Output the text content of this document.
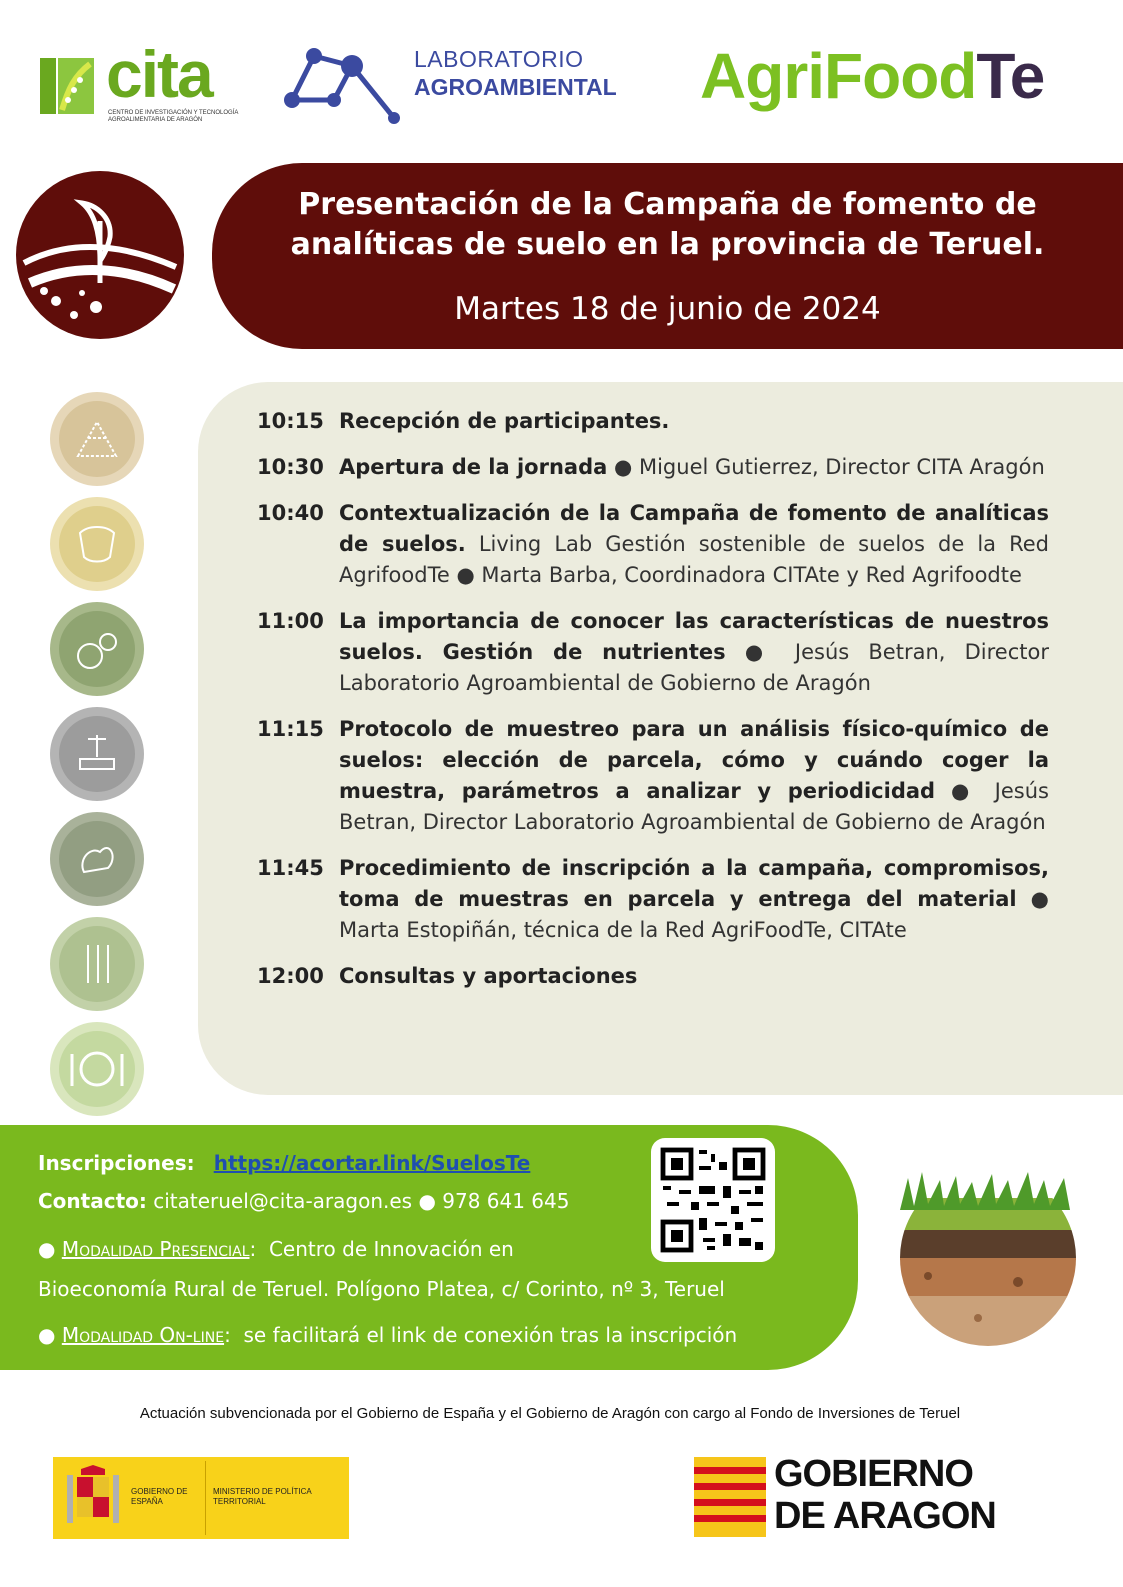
cita
CENTRO DE INVESTIGACIÓN Y TECNOLOGÍA AGROALIMENTARIA DE ARAGÓN
LABORATORIO
AGROAMBIENTAL AgriFoodTe
Presentación de la Campaña de fomento de
analíticas de suelo en la provincia de Teruel.
Martes 18 de junio de 2024

10:15 Recepción de participantes.
10:30 Apertura de la jornada ● Miguel Gutierrez, Director CITA Aragón
10:40 Contextualización de la Campaña de fomento de analíticas de suelos. Living Lab Gestión sostenible de suelos de la Red AgrifoodTe ● Marta Barba, Coordinadora CITAte y Red Agrifoodte
11:00 La importancia de conocer las características de nuestros suelos. Gestión de nutrientes ● Jesús Betran, Director Laboratorio Agroambiental de Gobierno de Aragón
11:15 Protocolo de muestreo para un análisis físico-químico de suelos: elección de parcela, cómo y cuándo coger la muestra, parámetros a analizar y periodicidad ● Jesús Betran, Director Laboratorio Agroambiental de Gobierno de Aragón
11:45 Procedimiento de inscripción a la campaña, compromisos, toma de muestras en parcela y entrega del material ● Marta Estopiñán, técnica de la Red AgriFoodTe, CITAte
12:00 Consultas y aportaciones
Inscripciones: https://acortar.link/SuelosTe
Contacto: citateruel@cita-aragon.es ● 978 641 645
● Modalidad Presencial:  Centro de Innovación en
Bioeconomía Rural de Teruel. Polígono Platea, c/ Corinto, nº 3, Teruel
● Modalidad On-line:  se facilitará el link de conexión tras la inscripción
Actuación subvencionada por el Gobierno de España y el Gobierno de Aragón con cargo al Fondo de Inversiones de Teruel
GOBIERNO DE ESPAÑA
MINISTERIO DE POLÍTICA TERRITORIAL
GOBIERNO
DE ARAGON
